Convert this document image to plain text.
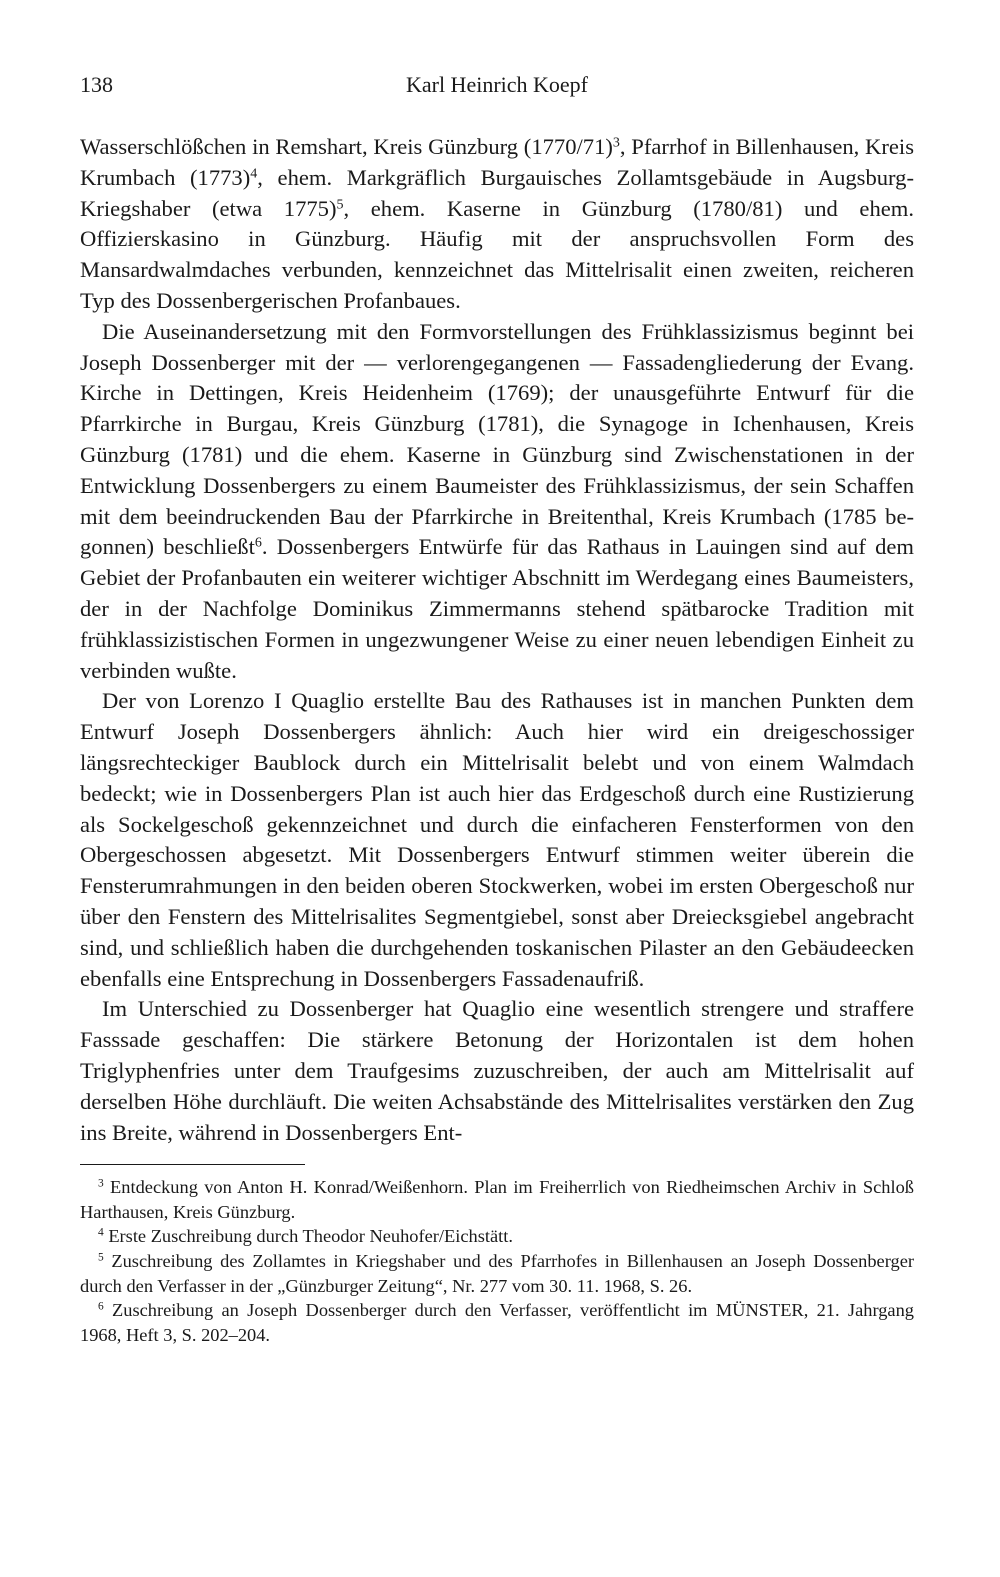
138	Karl Heinrich Koepf

Wasserschlößchen in Remshart, Kreis Günzburg $(1770/71)^3$, Pfarrhof in Billenhausen, Kreis Krumbach $(1773)^4$, ehem. Markgräflich Burgauisches Zollamtsgebäude in Augsburg-Kriegshaber (etwa 1775)$^5$, ehem. Kaserne in Günzburg (1780/81) und ehem. Offizierskasino in Günzburg. Häufig mit der anspruchsvollen Form des Mansardwalmdaches verbunden, kennzeichnet das Mittelrisalit einen zweiten, reicheren Typ des Dossenbergerischen Profanbaues.

Die Auseinandersetzung mit den Formvorstellungen des Frühklassizismus beginnt bei Joseph Dossenberger mit der — verlorengegangenen — Fassadengliederung der Evang. Kirche in Dettingen, Kreis Heidenheim (1769); der unausgeführte Entwurf für die Pfarrkirche in Burgau, Kreis Günzburg (1781), die Synagoge in Ichenhausen, Kreis Günzburg (1781) und die ehem. Kaserne in Günzburg sind Zwischenstationen in der Entwicklung Dossenbergers zu einem Baumeister des Frühklassizismus, der sein Schaffen mit dem beeindruckenden Bau der Pfarrkirche in Breitenthal, Kreis Krumbach (1785 begonnen) beschließt$^6$. Dossenbergers Entwürfe für das Rathaus in Lauingen sind auf dem Gebiet der Profanbauten ein weiterer wichtiger Abschnitt im Werdegang eines Baumeisters, der in der Nachfolge Dominikus Zimmermanns stehend spätbarocke Tradition mit frühklassizistischen Formen in ungezwungener Weise zu einer neuen lebendigen Einheit zu verbinden wußte.

Der von Lorenzo I Quaglio erstellte Bau des Rathauses ist in manchen Punkten dem Entwurf Joseph Dossenbergers ähnlich: Auch hier wird ein dreigeschossiger längsrechteckiger Baublock durch ein Mittelrisalit belebt und von einem Walmdach bedeckt; wie in Dossenbergers Plan ist auch hier das Erdgeschoß durch eine Rustizierung als Sockelgeschoß gekennzeichnet und durch die einfacheren Fensterformen von den Obergeschossen abgesetzt. Mit Dossenbergers Entwurf stimmen weiter überein die Fensterumrahmungen in den beiden oberen Stockwerken, wobei im ersten Obergeschoß nur über den Fenstern des Mittelrisalites Segmentgiebel, sonst aber Dreiecksgiebel angebracht sind, und schließlich haben die durchgehenden toskanischen Pilaster an den Gebäudeecken ebenfalls eine Entsprechung in Dossenbergers Fassadenaufriß.

Im Unterschied zu Dossenberger hat Quaglio eine wesentlich strengere und straffere Fasssade geschaffen: Die stärkere Betonung der Horizontalen ist dem hohen Triglyphenfries unter dem Traufgesims zuzuschreiben, der auch am Mittelrisalit auf derselben Höhe durchläuft. Die weiten Achsabstände des Mittelrisalites verstärken den Zug ins Breite, während in Dossenbergers Ent-

$^3$ Entdeckung von Anton H. Konrad/Weißenhorn. Plan im Freiherrlich von Riedheimschen Archiv in Schloß Harthausen, Kreis Günzburg.

$^4$ Erste Zuschreibung durch Theodor Neuhofer/Eichstätt.

$^5$ Zuschreibung des Zollamtes in Kriegshaber und des Pfarrhofes in Billenhausen an Joseph Dossenberger durch den Verfasser in der „Günzburger Zeitung“, Nr. 277 vom 30. 11. 1968, S. 26.

$^6$ Zuschreibung an Joseph Dossenberger durch den Verfasser, veröffentlicht im MÜNSTER, 21. Jahrgang 1968, Heft 3, S. 202–204.
